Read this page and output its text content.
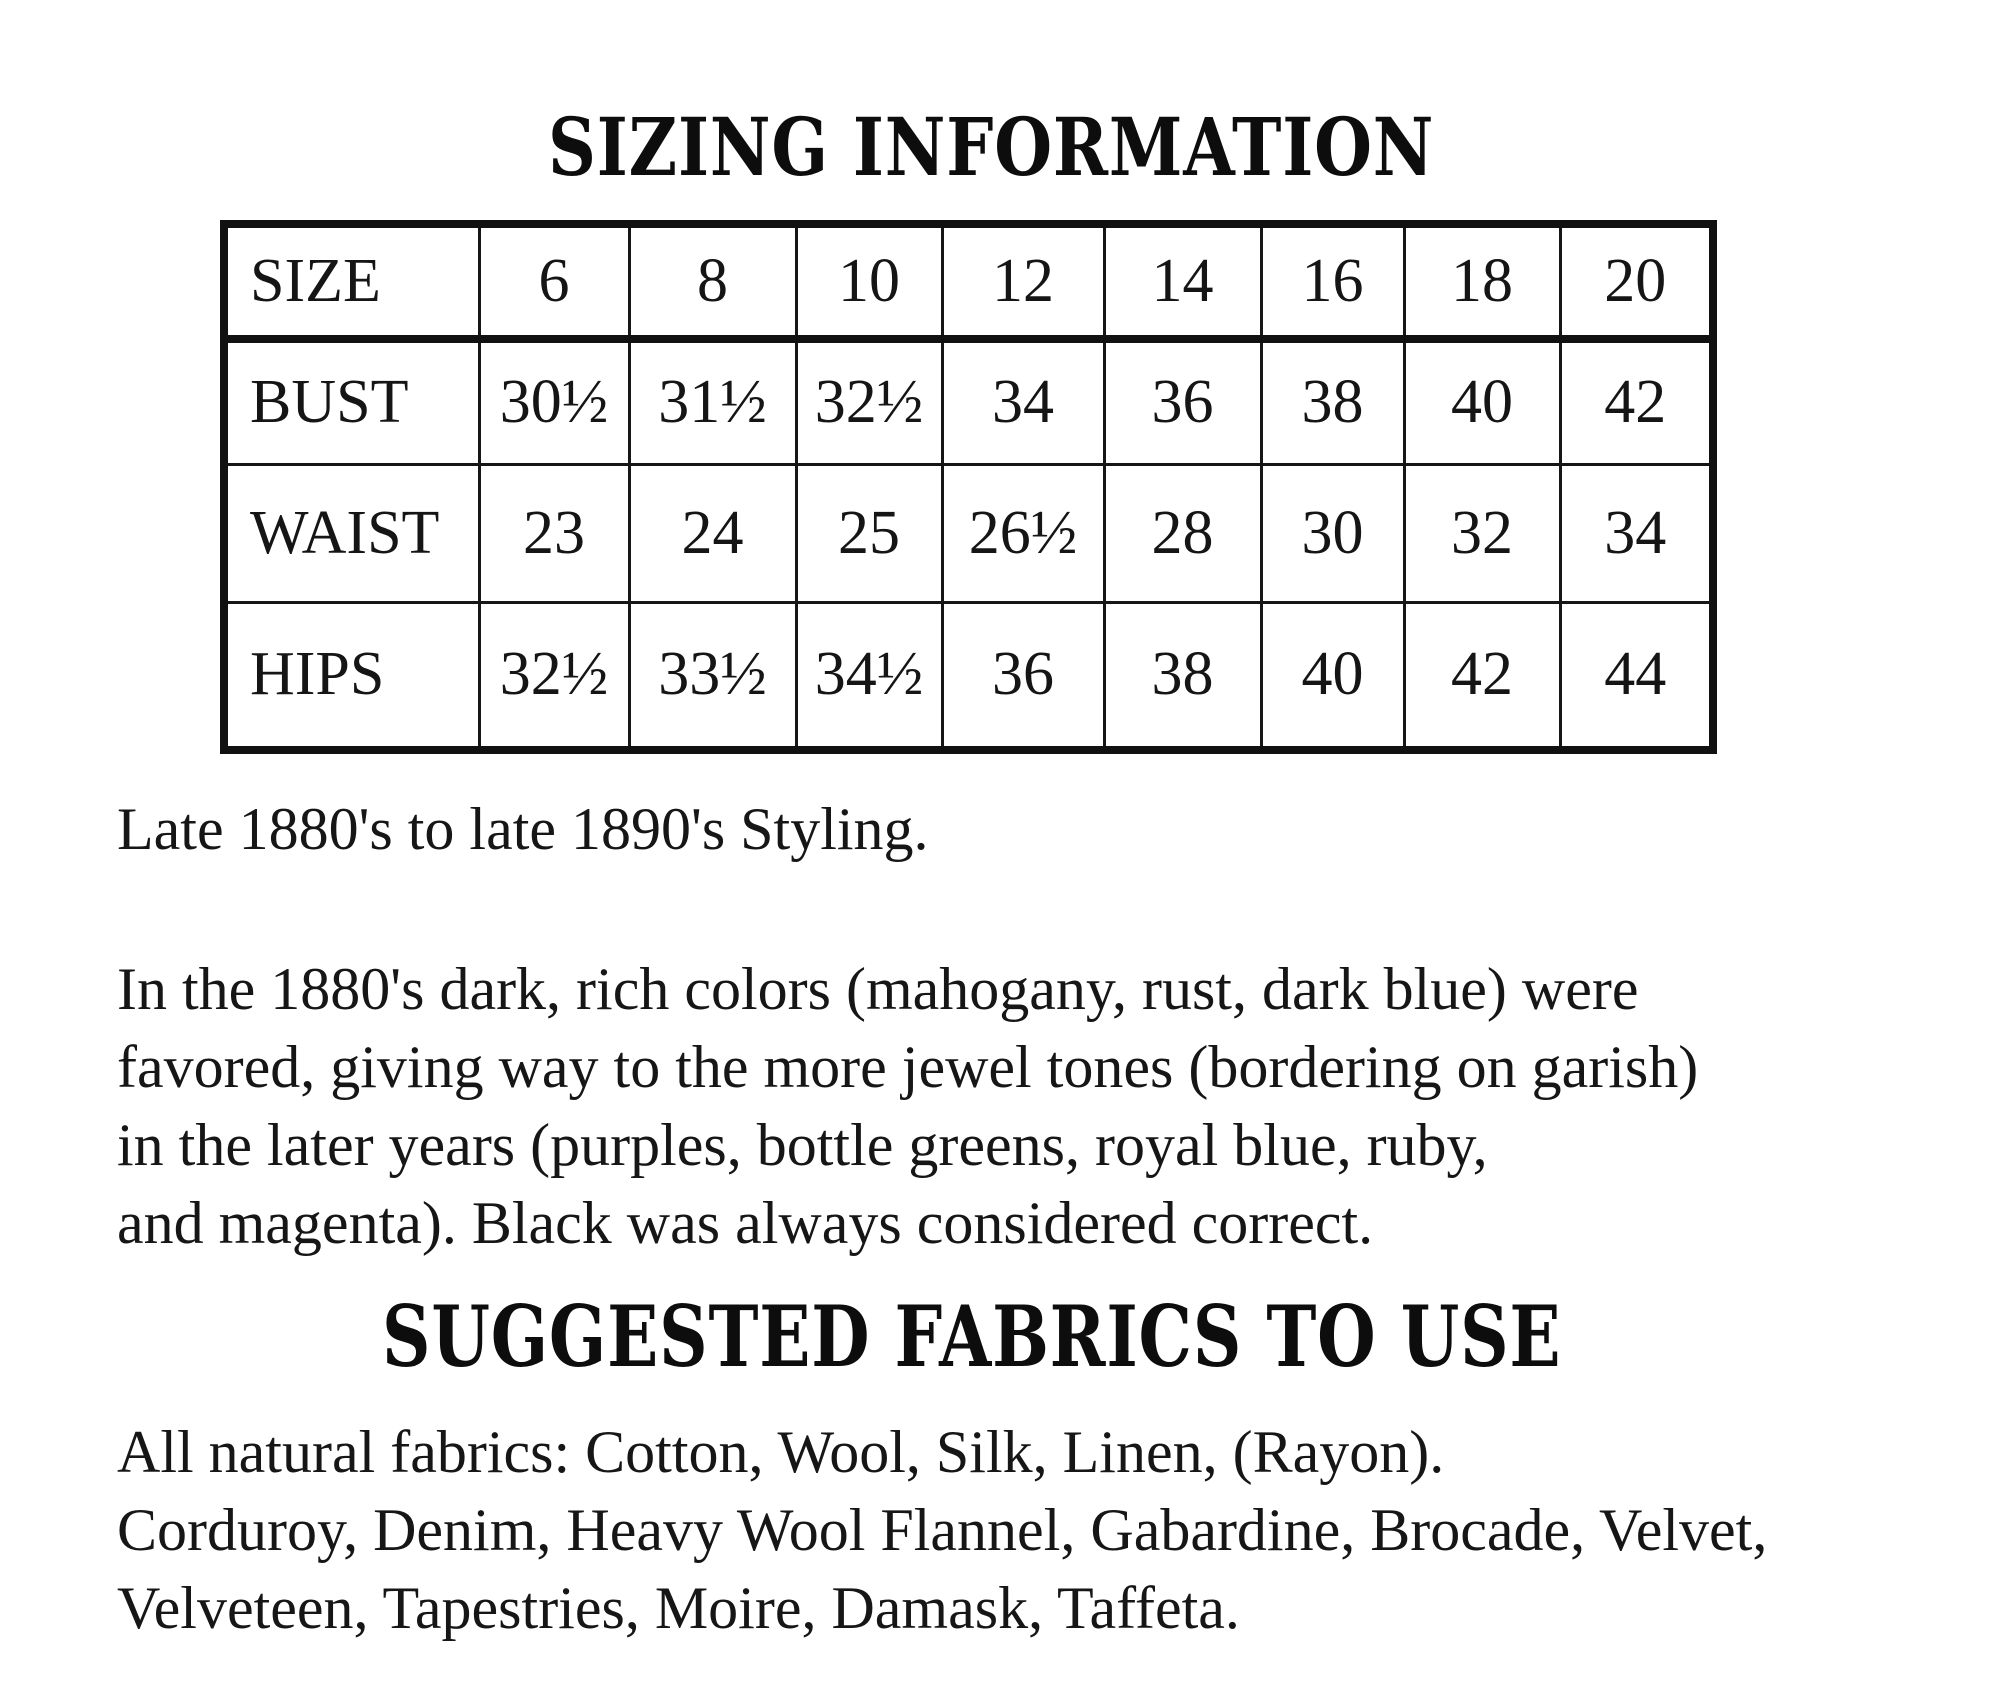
SIZING INFORMATION
SIZE	6	8	10	12	14	16	18	20
BUST	30½	31½	32½	34	36	38	40	42
WAIST	23	24	25	26½	28	30	32	34
HIPS	32½	33½	34½	36	38	40	42	44
Late 1880's to late 1890's Styling.
In the 1880's dark, rich colors (mahogany, rust, dark blue) were
favored, giving way to the more jewel tones (bordering on garish)
in the later years (purples, bottle greens, royal blue, ruby,
and magenta). Black was always considered correct.
SUGGESTED FABRICS TO USE
All natural fabrics: Cotton, Wool, Silk, Linen, (Rayon).
Corduroy, Denim, Heavy Wool Flannel, Gabardine, Brocade, Velvet,
Velveteen, Tapestries, Moire, Damask, Taffeta.
